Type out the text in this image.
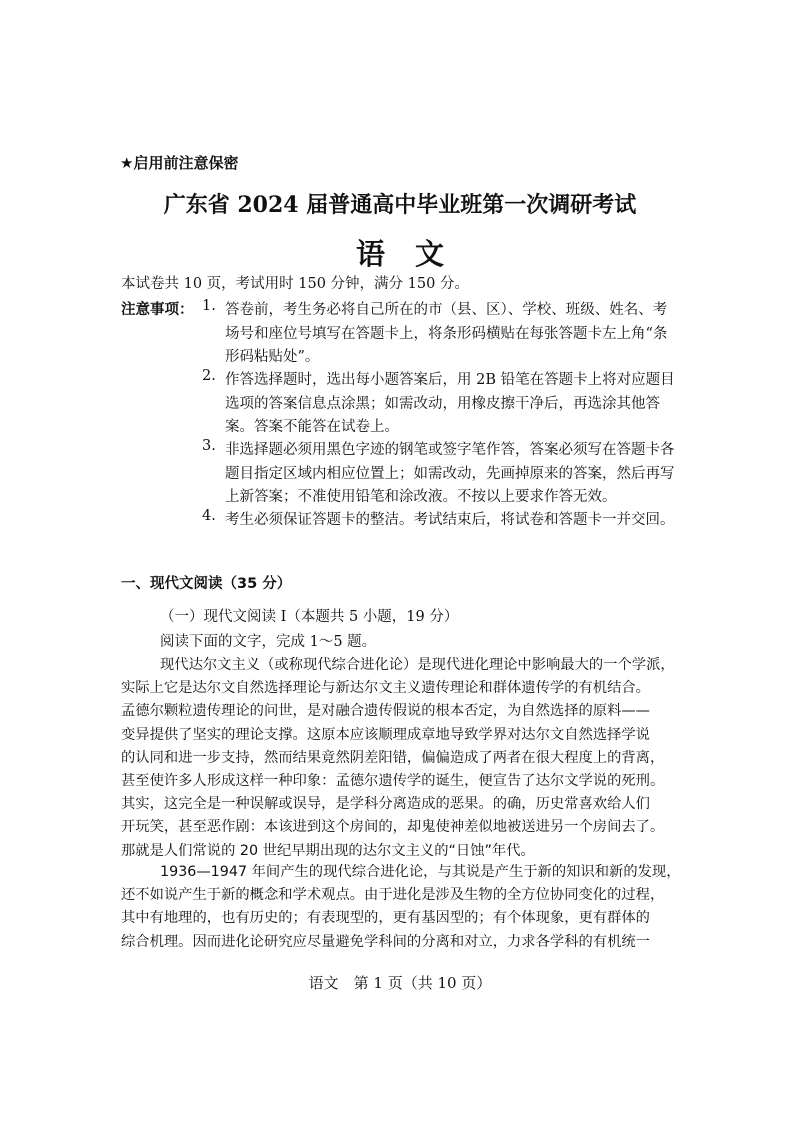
★启用前注意保密

广东省 2024 届普通高中毕业班第一次调研考试
语文

本试卷共 10 页，考试用时 150 分钟，满分 150 分。

注意事项： 1. 答卷前，考生务必将自己所在的市（县、区）、学校、班级、姓名、考

场号和座位号填写在答题卡上，将条形码横贴在每张答题卡左上角“条

形码粘贴处”。

2. 作答选择题时，选出每小题答案后，用 2B 铅笔在答题卡上将对应题目

选项的答案信息点涂黑；如需改动，用橡皮擦干净后，再选涂其他答

案。答案不能答在试卷上。

3. 非选择题必须用黑色字迹的钢笔或签字笔作答，答案必须写在答题卡各

题目指定区域内相应位置上；如需改动，先画掉原来的答案，然后再写

上新答案；不准使用铅笔和涂改液。不按以上要求作答无效。

4. 考生必须保证答题卡的整洁。考试结束后，将试卷和答题卡一并交回。

一、现代文阅读（35 分）

（一）现代文阅读 I（本题共 5 小题，19 分）

阅读下面的文字，完成 1～5 题。

现代达尔文主义（或称现代综合进化论）是现代进化理论中影响最大的一个学派，

实际上它是达尔文自然选择理论与新达尔文主义遗传理论和群体遗传学的有机结合。

孟德尔颗粒遗传理论的问世，是对融合遗传假说的根本否定，为自然选择的原料——

变异提供了坚实的理论支撑。这原本应该顺理成章地导致学界对达尔文自然选择学说

的认同和进一步支持，然而结果竟然阴差阳错，偏偏造成了两者在很大程度上的背离，

甚至使许多人形成这样一种印象：孟德尔遗传学的诞生，便宣告了达尔文学说的死刑。

其实，这完全是一种误解或误导，是学科分离造成的恶果。的确，历史常喜欢给人们

开玩笑，甚至恶作剧：本该进到这个房间的，却鬼使神差似地被送进另一个房间去了。

那就是人们常说的 20 世纪早期出现的达尔文主义的“日蚀”年代。

1936—1947 年间产生的现代综合进化论，与其说是产生于新的知识和新的发现，

还不如说产生于新的概念和学术观点。由于进化是涉及生物的全方位协同变化的过程，

其中有地理的，也有历史的；有表现型的，更有基因型的；有个体现象，更有群体的

综合机理。因而进化论研究应尽量避免学科间的分离和对立，力求各学科的有机统一

语文　第 1 页（共 10 页）
